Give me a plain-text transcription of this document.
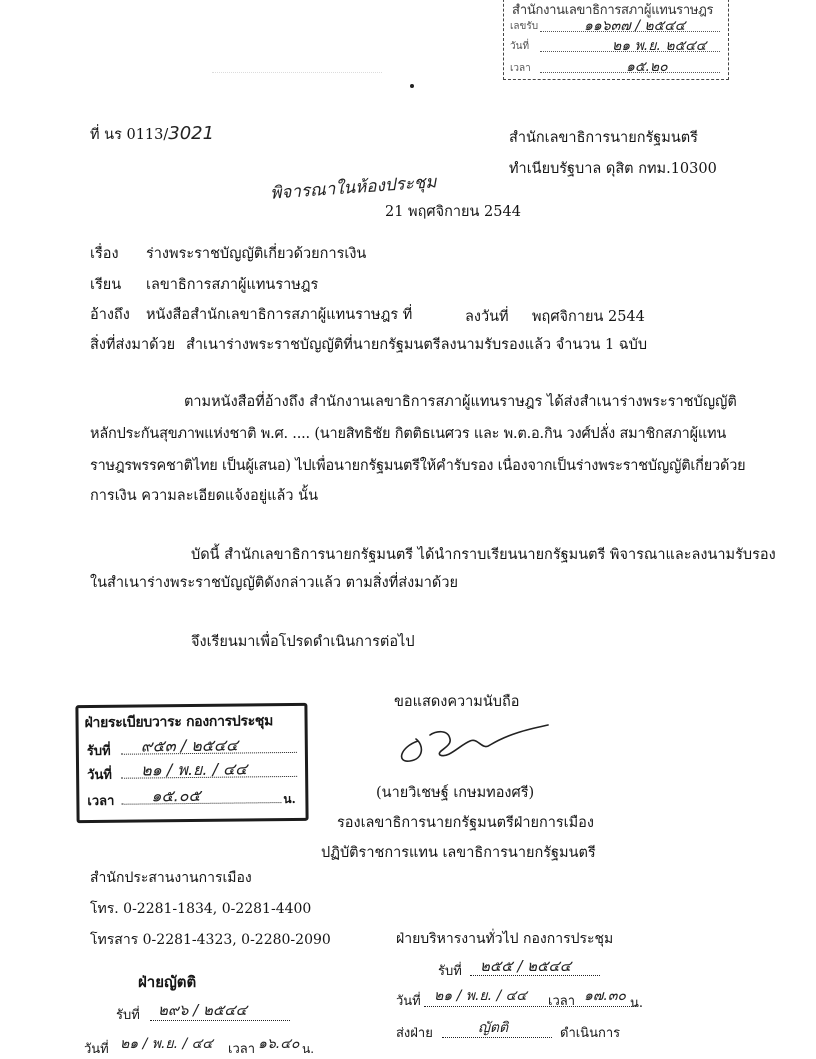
สำนักงานเลขาธิการสภาผู้แทนราษฎร
เลขรับ	๑๑๖๓๗ / ๒๕๔๔
วันที่	๒๑ พ.ย. ๒๕๔๔
เวลา	๑๕.๒๐
ที่ นร 0113/3021	สำนักเลขาธิการนายกรัฐมนตรี
ทำเนียบรัฐบาล ดุสิต กทม.10300
พิจารณาในห้องประชุม
21 พฤศจิกายน 2544
เรื่อง ร่างพระราชบัญญัติเกี่ยวด้วยการเงิน
เรียน เลขาธิการสภาผู้แทนราษฎร
อ้างถึง หนังสือสำนักเลขาธิการสภาผู้แทนราษฎร ที่	ลงวันที่ พฤศจิกายน 2544
สิ่งที่ส่งมาด้วย สำเนาร่างพระราชบัญญัติที่นายกรัฐมนตรีลงนามรับรองแล้ว จำนวน 1 ฉบับ
ตามหนังสือที่อ้างถึง สำนักงานเลขาธิการสภาผู้แทนราษฎร ได้ส่งสำเนาร่างพระราชบัญญัติ
หลักประกันสุขภาพแห่งชาติ พ.ศ. .... (นายสิทธิชัย กิตติธเนศวร และ พ.ต.อ.กิน วงศ์ปลั่ง สมาชิกสภาผู้แทน
ราษฎรพรรคชาติไทย เป็นผู้เสนอ) ไปเพื่อนายกรัฐมนตรีให้คำรับรอง เนื่องจากเป็นร่างพระราชบัญญัติเกี่ยวด้วย
การเงิน ความละเอียดแจ้งอยู่แล้ว นั้น
บัดนี้ สำนักเลขาธิการนายกรัฐมนตรี ได้นำกราบเรียนนายกรัฐมนตรี พิจารณาและลงนามรับรอง
ในสำเนาร่างพระราชบัญญัติดังกล่าวแล้ว ตามสิ่งที่ส่งมาด้วย
จึงเรียนมาเพื่อโปรดดำเนินการต่อไป
ขอแสดงความนับถือ
(นายวิเชษฐ์ เกษมทองศรี)
รองเลขาธิการนายกรัฐมนตรีฝ่ายการเมือง
ปฏิบัติราชการแทน เลขาธิการนายกรัฐมนตรี
ฝ่ายระเบียบวาระ กองการประชุม
รับที่ ๙๕๓ / ๒๕๔๔
วันที่ ๒๑ / พ.ย. / ๔๔
เวลา ๑๕.๐๕	น.
สำนักประสานงานการเมือง
โทร. 0-2281-1834, 0-2281-4400
โทรสาร 0-2281-4323, 0-2280-2090
ฝ่ายญัตติ
รับที่ ๒๙๖ / ๒๕๔๔
วันที่ ๒๑ / พ.ย. / ๔๔ เวลา ๑๖.๔๐ น.
ฝ่ายบริหารงานทั่วไป กองการประชุม
รับที่ ๒๕๕ / ๒๕๔๔
วันที่ ๒๑ / พ.ย. / ๔๔ เวลา ๑๗.๓๐ น.
ส่งฝ่าย	ญัตติ	ดำเนินการ
